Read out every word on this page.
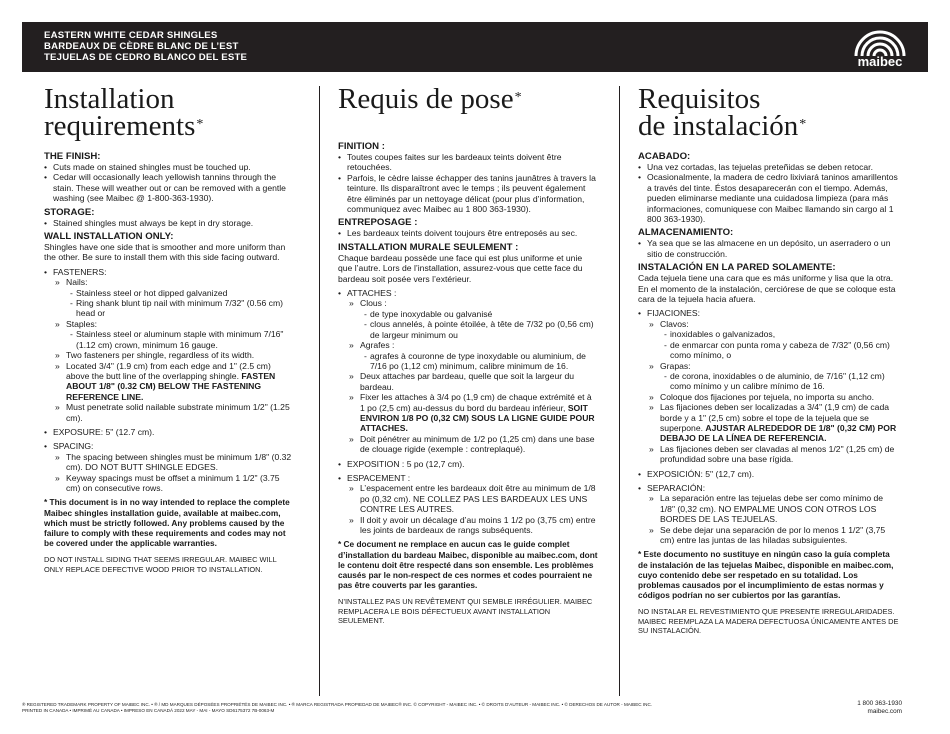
EASTERN WHITE CEDAR SHINGLES
BARDEAUX DE CÈDRE BLANC DE L’EST
TEJUELAS DE CEDRO BLANCO DEL ESTE	maibec
Installation
requirements*
THE FINISH:
• Cuts made on stained shingles must be touched up.
• Cedar will occasionally leach yellowish tannins through the stain. These will weather out or can be removed with a gentle washing (see Maibec @ 1-800-363-1930).
STORAGE:
• Stained shingles must always be kept in dry storage.
WALL INSTALLATION ONLY:
Shingles have one side that is smoother and more uniform than the other. Be sure to install them with this side facing outward.
• FASTENERS:
» Nails:
- Stainless steel or hot dipped galvanized
- Ring shank blunt tip nail with minimum 7/32" (0.56 cm) head or
» Staples:
- Stainless steel or aluminum staple with minimum 7/16" (1.12 cm) crown, minimum 16 gauge.
» Two fasteners per shingle, regardless of its width.
» Located 3/4" (1.9 cm) from each edge and 1" (2.5 cm) above the butt line of the overlapping shingle. FASTEN ABOUT 1/8" (0.32 CM) BELOW THE FASTENING REFERENCE LINE.
» Must penetrate solid nailable substrate minimum 1/2" (1.25 cm).
• EXPOSURE: 5" (12.7 cm).
• SPACING:
» The spacing between shingles must be minimum 1/8" (0.32 cm). DO NOT BUTT SHINGLE EDGES.
» Keyway spacings must be offset a minimum 1 1/2" (3.75 cm) on consecutive rows.
* This document is in no way intended to replace the complete Maibec shingles installation guide, available at maibec.com, which must be strictly followed. Any problems caused by the failure to comply with these requirements and codes may not be covered under the applicable warranties.
DO NOT INSTALL SIDING THAT SEEMS IRREGULAR. MAIBEC WILL ONLY REPLACE DEFECTIVE WOOD PRIOR TO INSTALLATION.
Requis de pose*
FINITION :
• Toutes coupes faites sur les bardeaux teints doivent être retouchées.
• Parfois, le cèdre laisse échapper des tanins jaunâtres à travers la teinture. Ils disparaîtront avec le temps ; ils peuvent également être éliminés par un nettoyage délicat (pour plus d’information, communiquez avec Maibec au 1 800 363-1930).
ENTREPOSAGE :
• Les bardeaux teints doivent toujours être entreposés au sec.
INSTALLATION MURALE SEULEMENT :
Chaque bardeau possède une face qui est plus uniforme et unie que l’autre. Lors de l’installation, assurez-vous que cette face du bardeau soit posée vers l’extérieur.
• ATTACHES :
» Clous :
- de type inoxydable ou galvanisé
- clous annelés, à pointe étoilée, à tête de 7/32 po (0,56 cm) de largeur minimum ou
» Agrafes :
- agrafes à couronne de type inoxydable ou aluminium, de 7/16 po (1,12 cm) minimum, calibre minimum de 16.
» Deux attaches par bardeau, quelle que soit la largeur du bardeau.
» Fixer les attaches à 3/4 po (1,9 cm) de chaque extrémité et à 1 po (2,5 cm) au-dessus du bord du bardeau inférieur, SOIT ENVIRON 1/8 PO (0,32 CM) SOUS LA LIGNE GUIDE POUR ATTACHES.
» Doit pénétrer au minimum de 1/2 po (1,25 cm) dans une base de clouage rigide (exemple : contreplaqué).
• EXPOSITION : 5 po (12,7 cm).
• ESPACEMENT :
» L’espacement entre les bardeaux doit être au minimum de 1/8 po (0,32 cm). NE COLLEZ PAS LES BARDEAUX LES UNS CONTRE LES AUTRES.
» Il doit y avoir un décalage d’au moins 1 1/2 po (3,75 cm) entre les joints de bardeaux de rangs subséquents.
* Ce document ne remplace en aucun cas le guide complet d’installation du bardeau Maibec, disponible au maibec.com, dont le contenu doit être respecté dans son ensemble. Les problèmes causés par le non-respect de ces normes et codes pourraient ne pas être couverts par les garanties.
N’INSTALLEZ PAS UN REVÊTEMENT QUI SEMBLE IRRÉGULIER. MAIBEC REMPLACERA LE BOIS DÉFECTUEUX AVANT INSTALLATION SEULEMENT.
Requisitos
de instalación*
ACABADO:
• Una vez cortadas, las tejuelas preteñidas se deben retocar.
• Ocasionalmente, la madera de cedro lixiviará taninos amarillentos a través del tinte. Éstos desaparecerán con el tiempo. Además, pueden eliminarse mediante una cuidadosa limpieza (para más informaciones, comuniquese con Maibec llamando sin cargo al 1 800 363-1930).
ALMACENAMIENTO:
• Ya sea que se las almacene en un depósito, un aserradero o un sitio de construcción.
INSTALACIÓN EN LA PARED SOLAMENTE:
Cada tejuela tiene una cara que es más uniforme y lisa que la otra. En el momento de la instalación, cerciórese de que se coloque esta cara de la tejuela hacia afuera.
• FIJACIONES:
» Clavos:
- inoxidables o galvanizados,
- de enmarcar con punta roma y cabeza de 7/32" (0,56 cm) como mínimo, o
» Grapas:
- de corona, inoxidables o de aluminio, de 7/16" (1,12 cm) como mínimo y un calibre mínimo de 16.
» Coloque dos fijaciones por tejuela, no importa su ancho.
» Las fijaciones deben ser localizadas a 3/4" (1,9 cm) de cada borde y a 1" (2,5 cm) sobre el tope de la tejuela que se superpone. AJUSTAR ALREDEDOR DE 1/8" (0,32 CM) POR DEBAJO DE LA LÍNEA DE REFERENCIA.
» Las fijaciones deben ser clavadas al menos 1/2" (1,25 cm) de profundidad sobre una base rígida.
• EXPOSICIÓN: 5" (12,7 cm).
• SEPARACIÓN:
» La separación entre las tejuelas debe ser como mínimo de 1/8" (0,32 cm). NO EMPALME UNOS CON OTROS LOS BORDES DE LAS TEJUELAS.
» Se debe dejar una separación de por lo menos 1 1/2" (3,75 cm) entre las juntas de las hiladas subsiguientes.
* Este documento no sustituye en ningún caso la guía completa de instalación de las tejuelas Maibec, disponible en maibec.com, cuyo contenido debe ser respetado en su totalidad. Los problemas causados por el incumplimiento de estas normas y códigos podrían no ser cubiertos por las garantías.
NO INSTALAR EL REVESTIMIENTO QUE PRESENTE IRREGULARIDADES. MAIBEC REEMPLAZA LA MADERA DEFECTUOSA ÚNICAMENTE ANTES DE SU INSTALACIÓN.
® REGISTERED TRADEMARK PROPERTY OF MAIBEC INC. • ® / MD MARQUES DÉPOSÉES PROPRIÉTÉS DE MAIBEC INC. • ® MARCA REGISTRADA PROPIEDAD DE MAIBEC® INC. © COPYRIGHT - MAIBEC INC. • © DROITS D’AUTEUR - MAIBEC INC. • © DERECHOS DE AUTOR - MAIBEC INC.
PRINTED IN CANADA • IMPRIMÉ AU CANADA • IMPRESO EN CANADÁ 2022 MAY - MAI - MAYO SD6175372 7B-0063-M
1 800 363-1930
maibec.com
